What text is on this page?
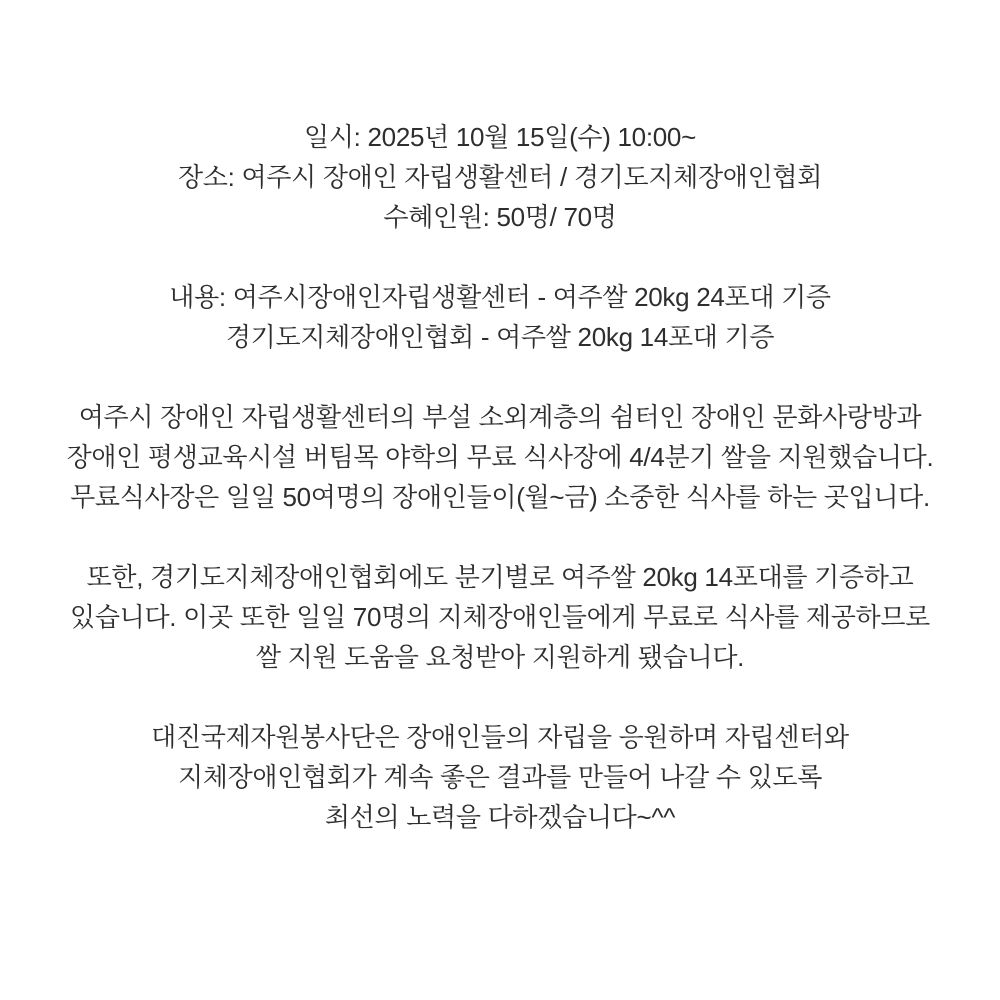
일시: 2025년 10월 15일(수) 10:00~
장소: 여주시 장애인 자립생활센터 / 경기도지체장애인협회
수혜인원: 50명/ 70명
내용: 여주시장애인자립생활센터 - 여주쌀 20kg 24포대 기증
경기도지체장애인협회 - 여주쌀 20kg 14포대 기증
여주시 장애인 자립생활센터의 부설 소외계층의 쉼터인 장애인 문화사랑방과
장애인 평생교육시설 버팀목 야학의 무료 식사장에 4/4분기 쌀을 지원했습니다.
무료식사장은 일일 50여명의 장애인들이(월~금) 소중한 식사를 하는 곳입니다.
또한, 경기도지체장애인협회에도 분기별로 여주쌀 20kg 14포대를 기증하고
있습니다. 이곳 또한 일일 70명의 지체장애인들에게 무료로 식사를 제공하므로
쌀 지원 도움을 요청받아 지원하게 됐습니다.
대진국제자원봉사단은 장애인들의 자립을 응원하며 자립센터와
지체장애인협회가 계속 좋은 결과를 만들어 나갈 수 있도록
최선의 노력을 다하겠습니다~^^
